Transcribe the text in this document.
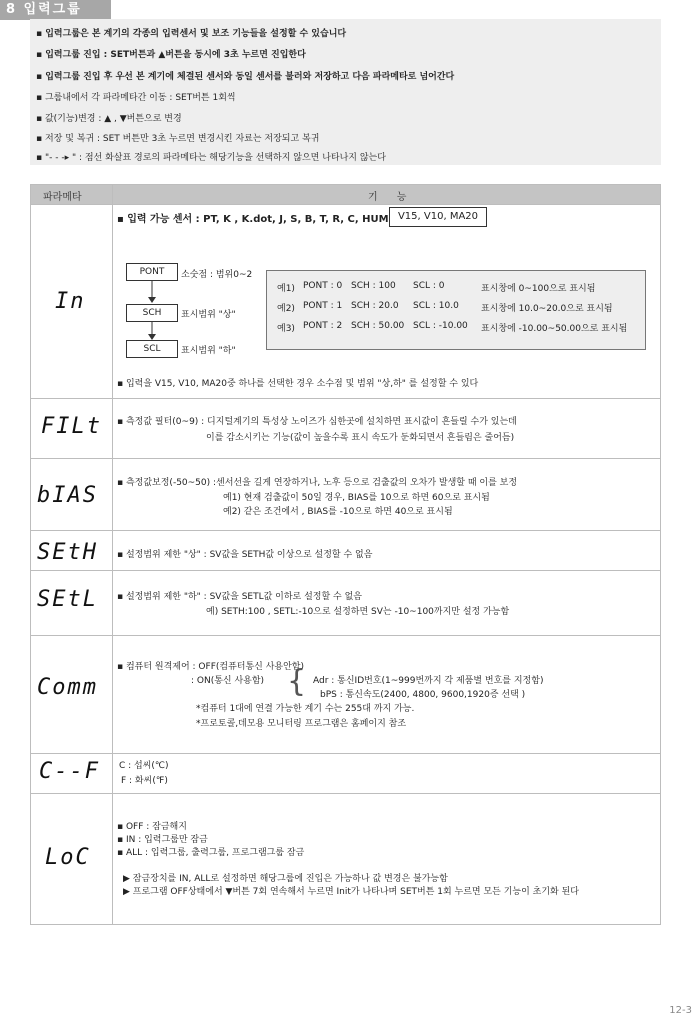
8 입력그룹
▪ 입력그룹은 본 계기의 각종의 입력센서 및 보조 기능들을 설정할 수 있습니다
▪ 입력그룹 진입 : SET버튼과 ▲버튼을 동시에 3초 누르면 진입한다
▪ 입력그룹 진입 후 우선 본 계기에 체결된 센서와 동일 센서를 불러와 저장하고 다음 파라메타로 넘어간다
▪ 그룹내에서 각 파라메타간 이동 : SET버튼 1회씩
▪ 값(기능)변경 : ▲ , ▼버튼으로 변경
▪ 저장 및 복귀 : SET 버튼만 3초 누르면 변경시킨 자료는 저장되고 복귀
▪ "- - -▸ " : 점선 화살표 경로의 파라메타는 해당기능을 선택하지 않으면 나타나지 않는다
파라메타	기      능
In
▪ 입력 가능 센서 : PT, K , K.dot, J, S, B, T, R, C, HUM V15, V10, MA20
PONT	소숫점 : 범위0~2
SCH	표시범위 "상"
SCL	표시범위 "하"
예1) PONT : 0 SCH : 100 SCL : 0	표시창에 0~100으로 표시됨
예2) PONT : 1 SCH : 20.0 SCL : 10.0 표시창에 10.0~20.0으로 표시됨
예3) PONT : 2 SCH : 50.00 SCL : -10.00 표시창에 -10.00~50.00으로 표시됨
▪ 입력을 V15, V10, MA20중 하나를 선택한 경우 소수점 및 범위 "상,하" 를 설정할 수 있다
FILt ▪ 측정값 필터(0~9) : 디지털계기의 특성상 노이즈가 심한곳에 설치하면 표시값이 흔들릴 수가 있는데
이를 감소시키는 기능(값이 높을수록 표시 속도가 둔화되면서 흔들림은 줄어듬)
bIAS ▪ 측정값보정(-50~50) :센서선을 길게 연장하거나, 노후 등으로 검출값의 오차가 발생할 때 이를 보정
예1) 현재 검출값이 50일 경우, BIAS를 10으로 하면 60으로 표시됨
예2) 같은 조건에서 , BIAS를 -10으로 하면 40으로 표시됨
SEtH ▪ 설정범위 제한 "상" : SV값을 SETH값 이상으로 설정할 수 없음
SEtL ▪ 설정범위 제한 "하" : SV값을 SETL값 이하로 설정할 수 없음
예) SETH:100 , SETL:-10으로 설정하면 SV는 -10~100까지만 설정 가능함
Comm
▪ 컴퓨터 원격제어 : OFF(컴퓨터통신 사용안함)
: ON(통신 사용함) { Adr : 통신ID번호(1~999번까지 각 제품별 번호를 지정함)
bPS : 통신속도(2400, 4800, 9600,1920증 선택 )
*컴퓨터 1대에 연결 가능한 계기 수는 255대 까지 가능.
*프로토콜,데모용 모니터링 프로그램은 홈페이지 참조
C--F C : 섭씨(℃)
F : 화씨(℉)
LoC
▪ OFF : 잠금해지
▪ IN : 입력그룹만 잠금
▪ ALL : 입력그룹, 출력그룹, 프로그램그룹 잠금
▶ 잠금장치를 IN, ALL로 설정하면 해당그룹에 진입은 가능하나 값 변경은 불가능함
▶ 프로그램 OFF상태에서 ▼버튼 7회 연속해서 누르면 Init가 나타나며 SET버튼 1회 누르면 모든 기능이 초기화 된다
12-3
